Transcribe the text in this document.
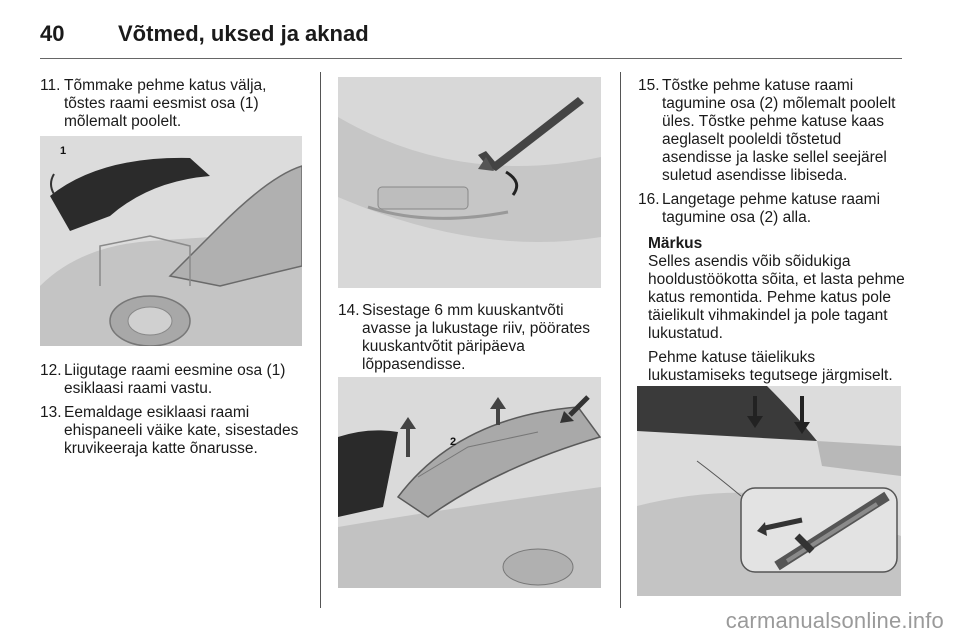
40	Võtmed, uksed ja aknad
11. Tõmmake pehme katus välja, tõstes raami eesmist osa (1) mõlemalt poolelt.
1
12. Liigutage raami eesmine osa (1) esiklaasi raami vastu.
13. Eemaldage esiklaasi raami ehispaneeli väike kate, sisestades kruvikeeraja katte õnarusse.
14. Sisestage 6 mm kuuskantvõti avasse ja lukustage riiv, pöörates kuuskantvõtit päripäeva lõppasendisse.
2
15. Tõstke pehme katuse raami tagumine osa (2) mõlemalt poolelt üles. Tõstke pehme katuse kaas aeglaselt pooleldi tõstetud asendisse ja laske sellel seejärel suletud asendisse libiseda.
16. Langetage pehme katuse raami tagumine osa (2) alla.
Märkus
Selles asendis võib sõidukiga hooldustöökotta sõita, et lasta pehme katus remontida. Pehme katus pole täielikult vihmakindel ja pole tagant lukustatud.
Pehme katuse täielikuks lukustamiseks tegutsege järgmiselt.
carmanualsonline.info
